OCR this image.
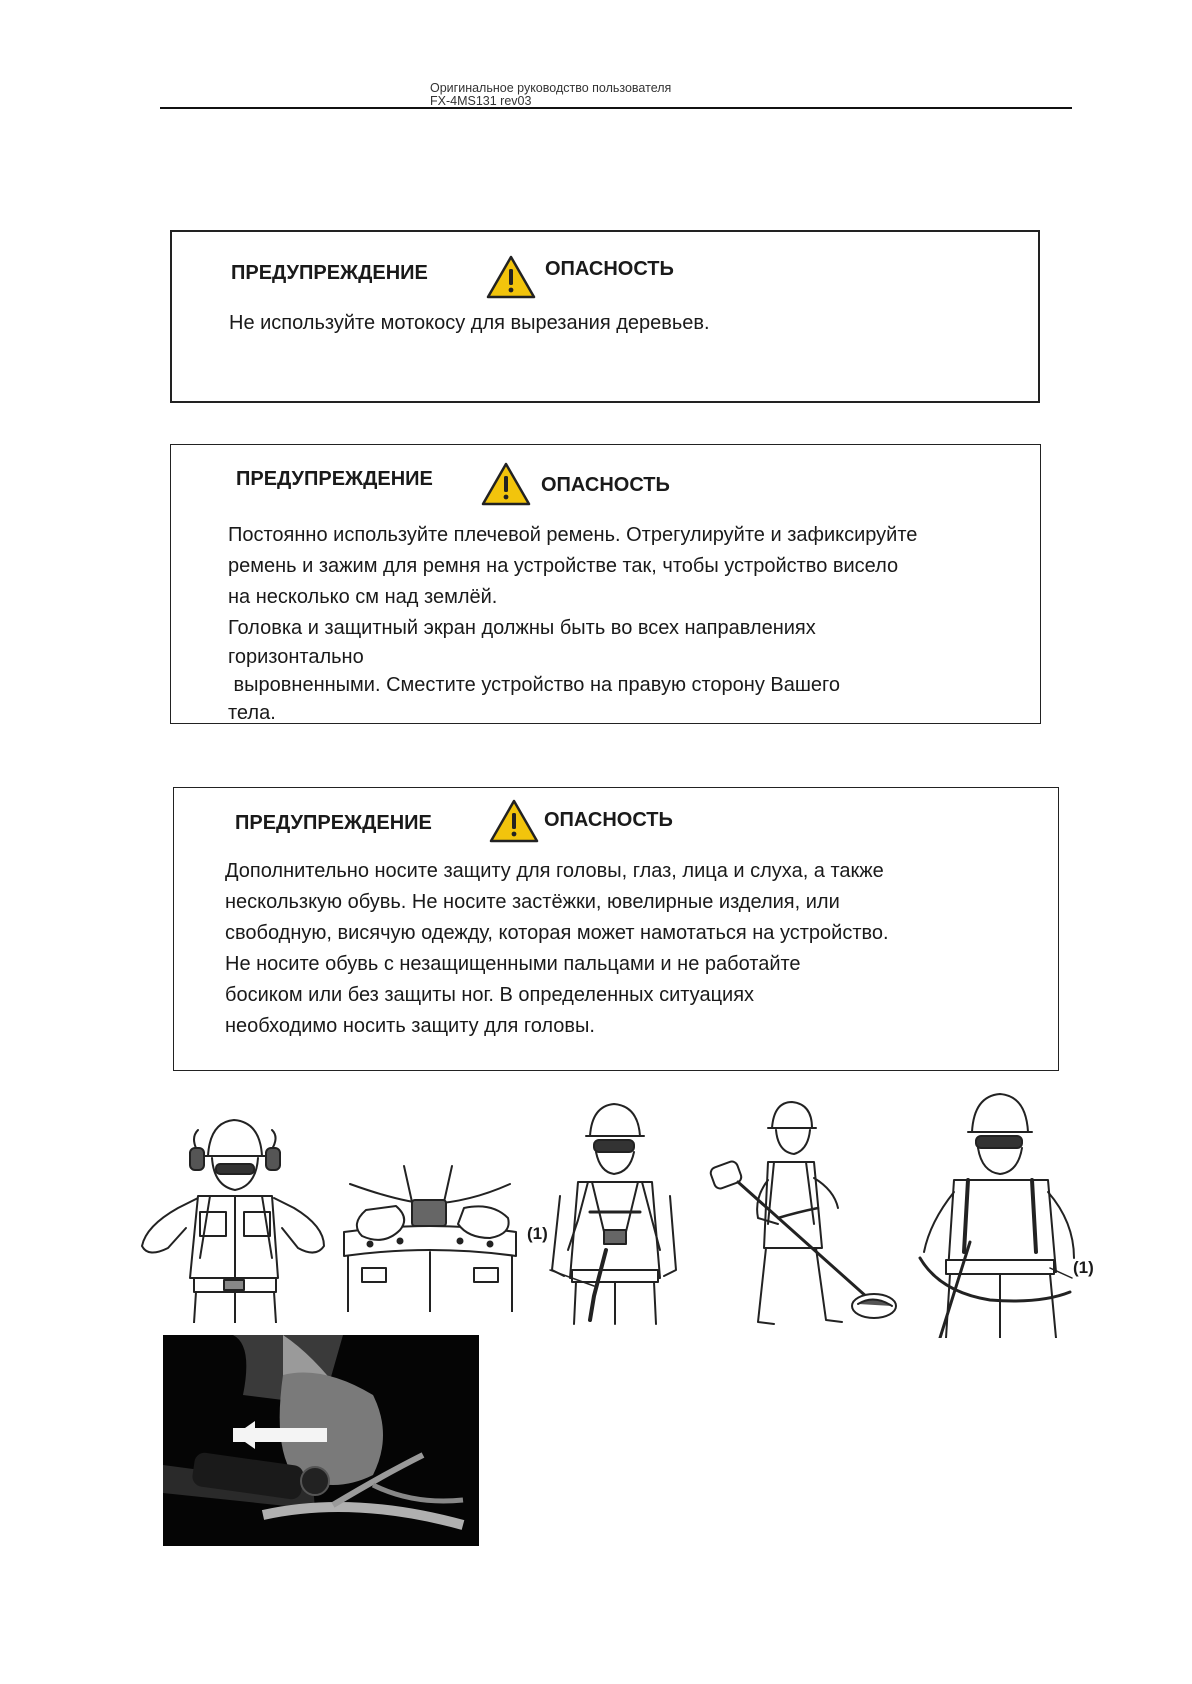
Оригинальное руководство пользователя
FX-4MS131 rev03
ПРЕДУПРЕЖДЕНИЕ	ОПАСНОСТЬ

Не используйте мотокосу для вырезания деревьев.

ПРЕДУПРЕЖДЕНИЕ	ОПАСНОСТЬ

Постоянно используйте плечевой ремень. Отрегулируйте и зафиксируйте

ремень и зажим для ремня на устройстве так, чтобы устройство висело

на несколько см над землёй.

Головка и защитный экран должны быть во всех направлениях

горизонтально

выровненными. Сместите устройство на правую сторону Вашего

тела.

ПРЕДУПРЕЖДЕНИЕ	ОПАСНОСТЬ

Дополнительно носите защиту для головы, глаз, лица и слуха, а также

нескользкую обувь. Не носите застёжки, ювелирные изделия, или

свободную, висячую одежду, которая может намотаться на устройство.

Не носите обувь с незащищенными пальцами и не работайте

босиком или без защиты ног. В определенных ситуациях

необходимо носить защиту для головы.

(1)
(1)
